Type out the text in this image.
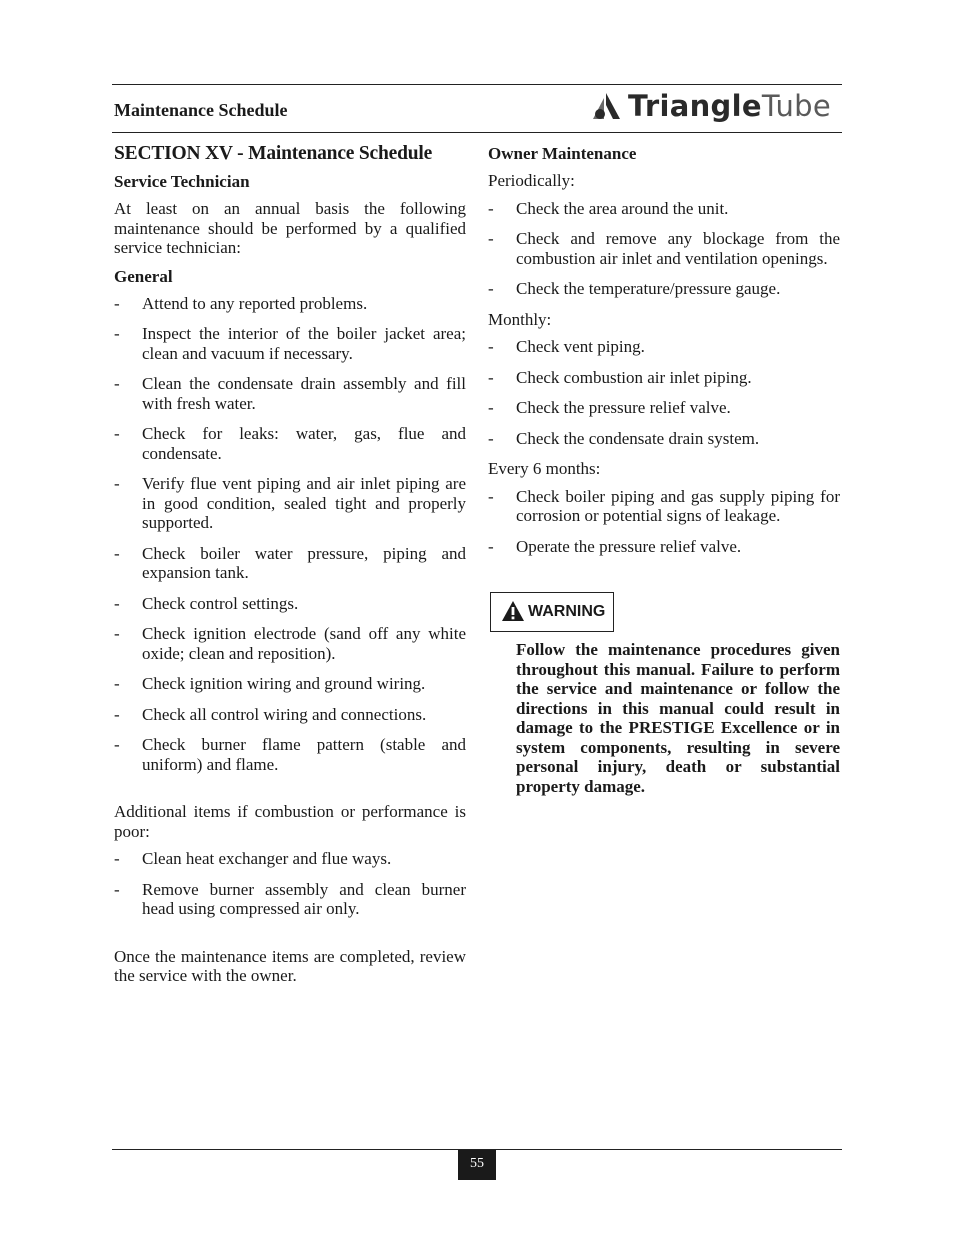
Maintenance Schedule	TriangleTube
SECTION XV - Maintenance Schedule
Service Technician

At least on an annual basis the following maintenance should be performed by a qualified service technician:

General
- Attend to any reported problems.
- Inspect the interior of the boiler jacket area; clean and vacuum if necessary.
- Clean the condensate drain assembly and fill with fresh water.
- Check for leaks: water, gas, flue and condensate.
- Verify flue vent piping and air inlet piping are in good condition, sealed tight and properly supported.
- Check boiler water pressure, piping and expansion tank.
- Check control settings.
- Check ignition electrode (sand off any white oxide; clean and reposition).
- Check ignition wiring and ground wiring.
- Check all control wiring and connections.
- Check burner flame pattern (stable and uniform) and flame.

Additional items if combustion or performance is poor:

- Clean heat exchanger and flue ways.
- Remove burner assembly and clean burner head using compressed air only.

Once the maintenance items are completed, review the service with the owner.

Owner Maintenance

Periodically:

- Check the area around the unit.
- Check and remove any blockage from the combustion air inlet and ventilation openings.
- Check the temperature/pressure gauge.

Monthly:

- Check vent piping.
- Check combustion air inlet piping.
- Check the pressure relief valve.
- Check the condensate drain system.

Every 6 months:

- Check boiler piping and gas supply piping for corrosion or potential signs of leakage.
- Operate the pressure relief valve.
WARNING
Follow the maintenance procedures given throughout this manual. Failure to perform the service and maintenance or follow the directions in this manual could result in damage to the PRESTIGE Excellence or in system components, resulting in severe personal injury, death or substantial property damage.
55
